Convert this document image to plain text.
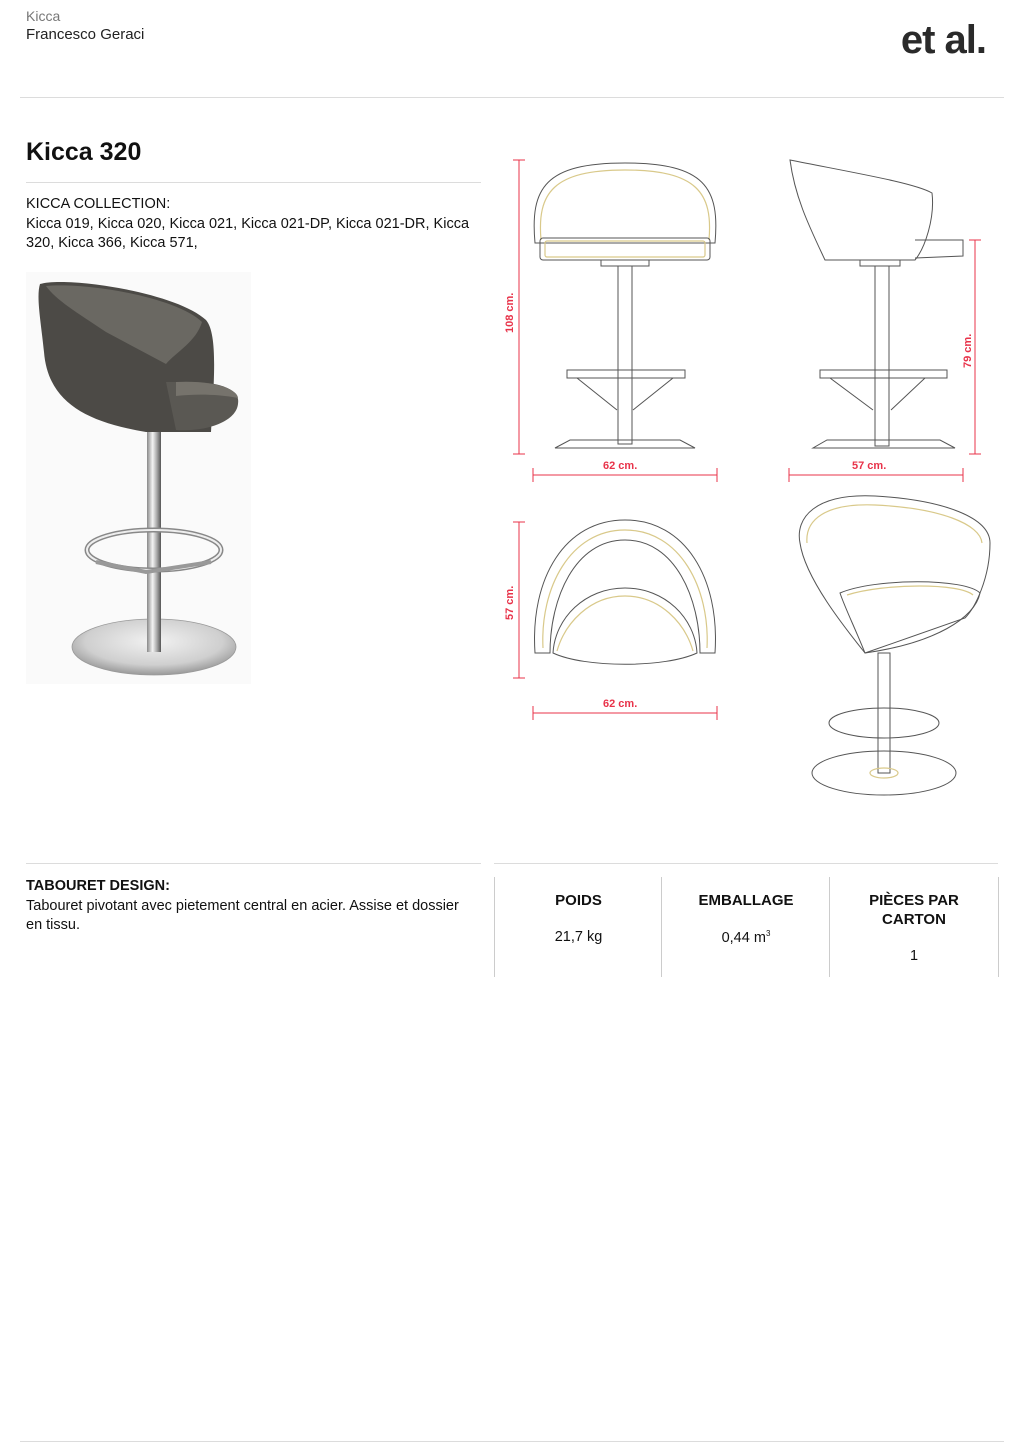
Kicca
Francesco Geraci	et al.
Kicca 320
KICCA COLLECTION:
Kicca 019, Kicca 020, Kicca 021, Kicca 021-DP, Kicca 021-DR, Kicca 320, Kicca 366, Kicca 571,
108 cm.
62 cm.
79 cm.
57 cm.
57 cm.
62 cm.
TABOURET DESIGN:
Tabouret pivotant avec pietement central en acier. Assise et dossier en tissu.
POIDS
21,7 kg
EMBALLAGE
0,44 $m^3$
PIÈCES PAR CARTON
1
